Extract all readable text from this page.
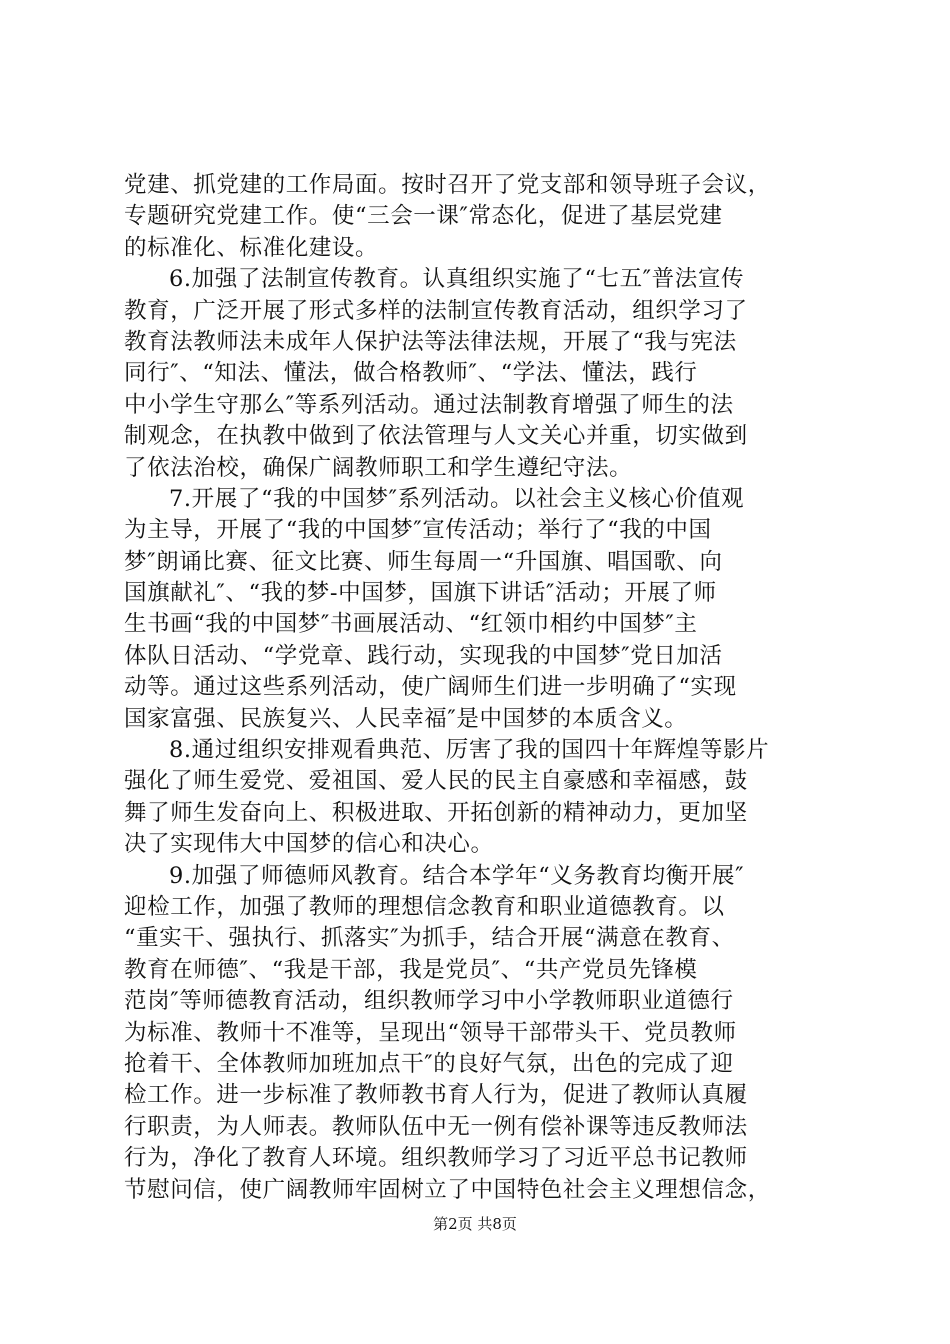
党建、抓党建的工作局面。按时召开了党支部和领导班子会议，
专题研究党建工作。使“三会一课″常态化，促进了基层党建
的标准化、标准化建设。
6.加强了法制宣传教育。认真组织实施了“七五″普法宣传
教育，广泛开展了形式多样的法制宣传教育活动，组织学习了
教育法教师法未成年人保护法等法律法规，开展了“我与宪法
同行″、“知法、懂法，做合格教师″、“学法、懂法，践行
中小学生守那么″等系列活动。通过法制教育增强了师生的法
制观念，在执教中做到了依法管理与人文关心并重，切实做到
了依法治校，确保广阔教师职工和学生遵纪守法。
7.开展了“我的中国梦″系列活动。以社会主义核心价值观
为主导，开展了“我的中国梦″宣传活动；举行了“我的中国
梦″朗诵比赛、征文比赛、师生每周一“升国旗、唱国歌、向
国旗献礼″、“我的梦-中国梦，国旗下讲话″活动；开展了师
生书画“我的中国梦″书画展活动、“红领巾相约中国梦″主
体队日活动、“学党章、践行动，实现我的中国梦″党日加活
动等。通过这些系列活动，使广阔师生们进一步明确了“实现
国家富强、民族复兴、人民幸福″是中国梦的本质含义。
8.通过组织安排观看典范、厉害了我的国四十年辉煌等影片
强化了师生爱党、爱祖国、爱人民的民主自豪感和幸福感，鼓
舞了师生发奋向上、积极进取、开拓创新的精神动力，更加坚
决了实现伟大中国梦的信心和决心。
9.加强了师德师风教育。结合本学年“义务教育均衡开展″
迎检工作，加强了教师的理想信念教育和职业道德教育。以
“重实干、强执行、抓落实″为抓手，结合开展“满意在教育、
教育在师德″、“我是干部，我是党员″、“共产党员先锋模
范岗″等师德教育活动，组织教师学习中小学教师职业道德行
为标准、教师十不准等，呈现出“领导干部带头干、党员教师
抢着干、全体教师加班加点干″的良好气氛，出色的完成了迎
检工作。进一步标准了教师教书育人行为，促进了教师认真履
行职责，为人师表。教师队伍中无一例有偿补课等违反教师法
行为，净化了教育人环境。组织教师学习了习近平总书记教师
节慰问信，使广阔教师牢固树立了中国特色社会主义理想信念，
第2页 共8页
